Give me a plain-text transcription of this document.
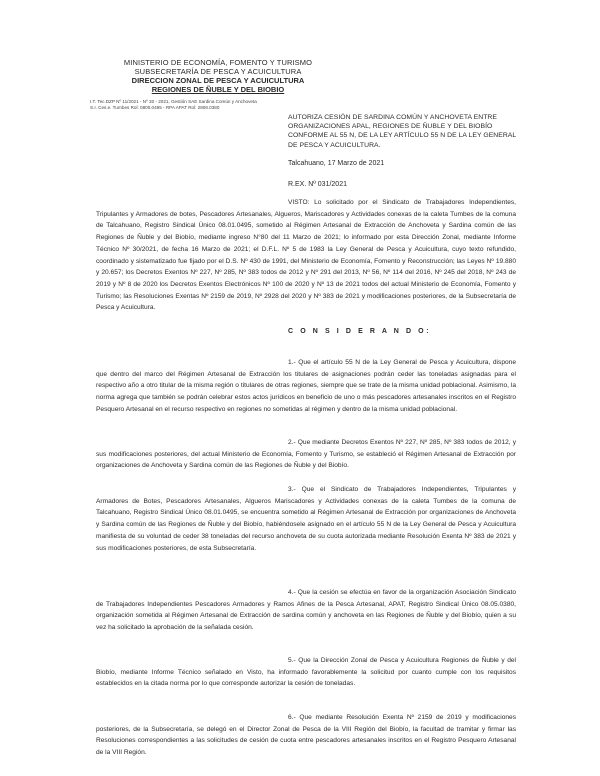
MINISTERIO DE ECONOMÍA, FOMENTO Y TURISMO
SUBSECRETARÍA DE PESCA Y ACUICULTURA
DIRECCION ZONAL DE PESCA Y ACUICULTURA
REGIONES DE ÑUBLE Y DEL BIOBIO
I.T. Tec.DZP Nº 11/2021 - Nº 30 - 2021, Gestión SAE Sardina Común y Anchoveta
S.I. Ces.e. Turnbes Rol: 0800.0495 - RPA APAT Rol: 2806.0380
AUTORIZA CESIÓN DE SARDINA COMÚN Y ANCHOVETA ENTRE ORGANIZACIONES APAL, REGIONES DE ÑUBLE Y DEL BIOBÍO CONFORME AL 55 N, DE LA LEY ARTÍCULO 55 N DE LA LEY GENERAL DE PESCA Y ACUICULTURA.
Talcahuano, 17 Marzo de 2021
R.EX. Nº 031/2021
VISTO: Lo solicitado por el Sindicato de Trabajadores Independientes, Tripulantes y Armadores de botes, Pescadores Artesanales, Algueros, Mariscadores y Actividades conexas de la caleta Tumbes de la comuna de Talcahuano, Registro Sindical Único 08.01.0495, sometido al Régimen Artesanal de Extracción de Anchoveta y Sardina común de las Regiones de Ñuble y del Biobío, mediante ingreso N°80 del 11 Marzo de 2021; lo informado por esta Dirección Zonal, mediante Informe Técnico Nº 30/2021, de fecha 16 Marzo de 2021; el D.F.L. Nº 5 de 1983 la Ley General de Pesca y Acuicultura, cuyo texto refundido, coordinado y sistematizado fue fijado por el D.S. Nº 430 de 1991, del Ministerio de Economía, Fomento y Reconstrucción; las Leyes Nº 19.880 y 20.657; los Decretos Exentos Nº 227, Nº 285, Nº 383 todos de 2012 y Nº 291 del 2013, Nº 56, Nº 114 del 2016, Nº 245 del 2018, Nº 243 de 2019 y Nº 8 de 2020 los Decretos Exentos Electrónicos Nº 100 de 2020 y Nº 13 de 2021 todos del actual Ministerio de Economía, Fomento y Turismo; las Resoluciones Exentas Nº 2159 de 2019, Nº 2928 del 2020 y Nº 383 de 2021 y modificaciones posteriores, de la Subsecretaría de Pesca y Acuicultura.
C O N S I D E R A N D O:
1.- Que el artículo 55 N de la Ley General de Pesca y Acuicultura, dispone que dentro del marco del Régimen Artesanal de Extracción los titulares de asignaciones podrán ceder las toneladas asignadas para el respectivo año a otro titular de la misma región o titulares de otras regiones, siempre que se trate de la misma unidad poblacional. Asimismo, la norma agrega que también se podrán celebrar estos actos jurídicos en beneficio de uno o más pescadores artesanales inscritos en el Registro Pesquero Artesanal en el recurso respectivo en regiones no sometidas al régimen y dentro de la misma unidad poblacional.
2.- Que mediante Decretos Exentos Nº 227, Nº 285, Nº 383 todos de 2012, y sus modificaciones posteriores, del actual Ministerio de Economía, Fomento y Turismo, se estableció el Régimen Artesanal de Extracción por organizaciones de Anchoveta y Sardina común de las Regiones de Ñuble y del Biobío.
3.- Que el Sindicato de Trabajadores Independientes, Tripulantes y Armadores de Botes, Pescadores Artesanales, Algueros Mariscadores y Actividades conexas de la caleta Tumbes de la comuna de Talcahuano, Registro Sindical Único 08.01.0495, se encuentra sometido al Régimen Artesanal de Extracción por organizaciones de Anchoveta y Sardina común de las Regiones de Ñuble y del Biobío, habiéndosele asignado en el artículo 55 N de la Ley General de Pesca y Acuicultura manifiesta de su voluntad de ceder 38 toneladas del recurso anchoveta de su cuota autorizada mediante Resolución Exenta Nº 383 de 2021 y sus modificaciones posteriores, de esta Subsecretaría.
4.- Que la cesión se efectúa en favor de la organización Asociación Sindicato de Trabajadores Independientes Pescadores Armadores y Ramos Afines de la Pesca Artesanal, APAT, Registro Sindical Único 08.05.0380, organización sometida al Régimen Artesanal de Extracción de sardina común y anchoveta en las Regiones de Ñuble y del Biobío, quien a su vez ha solicitado la aprobación de la señalada cesión.
5.- Que la Dirección Zonal de Pesca y Acuicultura Regiones de Ñuble y del Biobío, mediante Informe Técnico señalado en Visto, ha informado favorablemente la solicitud por cuanto cumple con los requisitos establecidos en la citada norma por lo que corresponde autorizar la cesión de toneladas.
6.- Que mediante Resolución Exenta Nº 2159 de 2019 y modificaciones posteriores, de la Subsecretaría, se delegó en el Director Zonal de Pesca de la VIII Región del Biobío, la facultad de tramitar y firmar las Resoluciones correspondientes a las solicitudes de cesión de cuota entre pescadores artesanales inscritos en el Registro Pesquero Artesanal de la VIII Región.
